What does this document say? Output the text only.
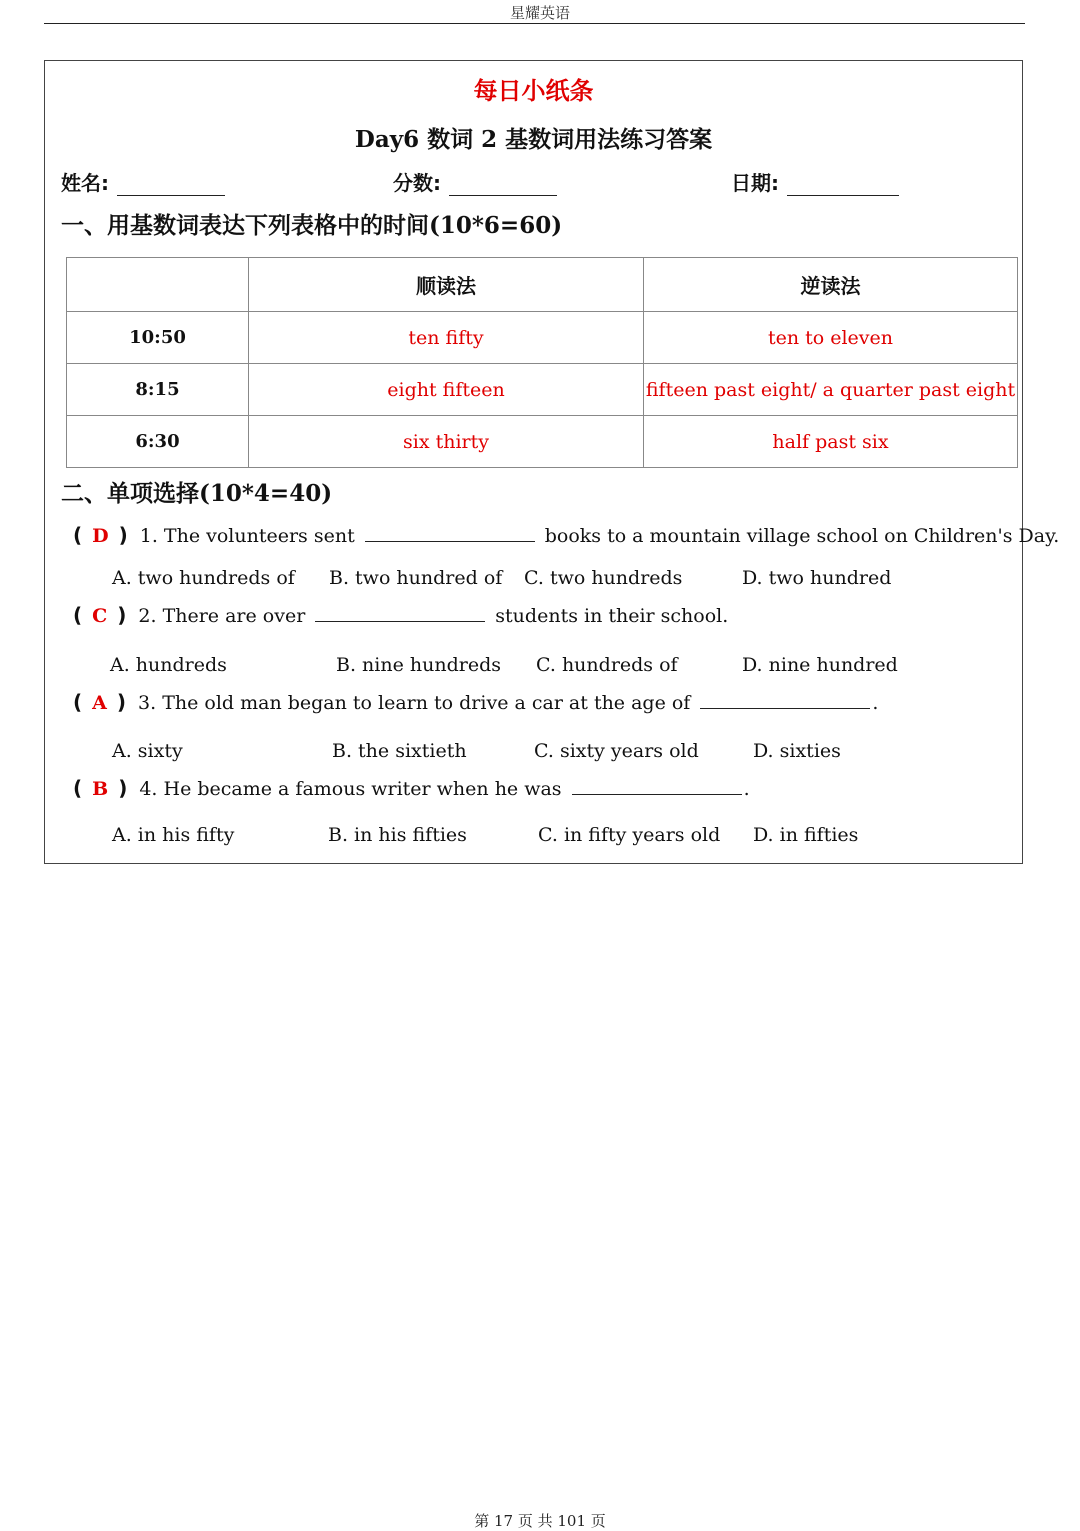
星耀英语
每日小纸条
Day6 数词 2 基数词用法练习答案
姓名:	分数:	日期:
一、用基数词表达下列表格中的时间(10*6=60)
	顺读法	逆读法
10:50	ten fifty	ten to eleven
8:15	eight fifteen	fifteen past eight/ a quarter past eight
6:30	six thirty	half past six
二、单项选择(10*4=40)
( D ) 1. The volunteers sent	books to a mountain village school on Children's Day.
A. two hundreds of B. two hundred of C. two hundreds	D. two hundred
( C ) 2. There are over	students in their school.
A. hundreds	B. nine hundreds C. hundreds of	D. nine hundred
( A ) 3. The old man began to learn to drive a car at the age of	.
A. sixty	B. the sixtieth	C. sixty years old	D. sixties
( B ) 4. He became a famous writer when he was	.
A. in his fifty	B. in his fifties	C. in fifty years old D. in fifties
第 17 页 共 101 页
